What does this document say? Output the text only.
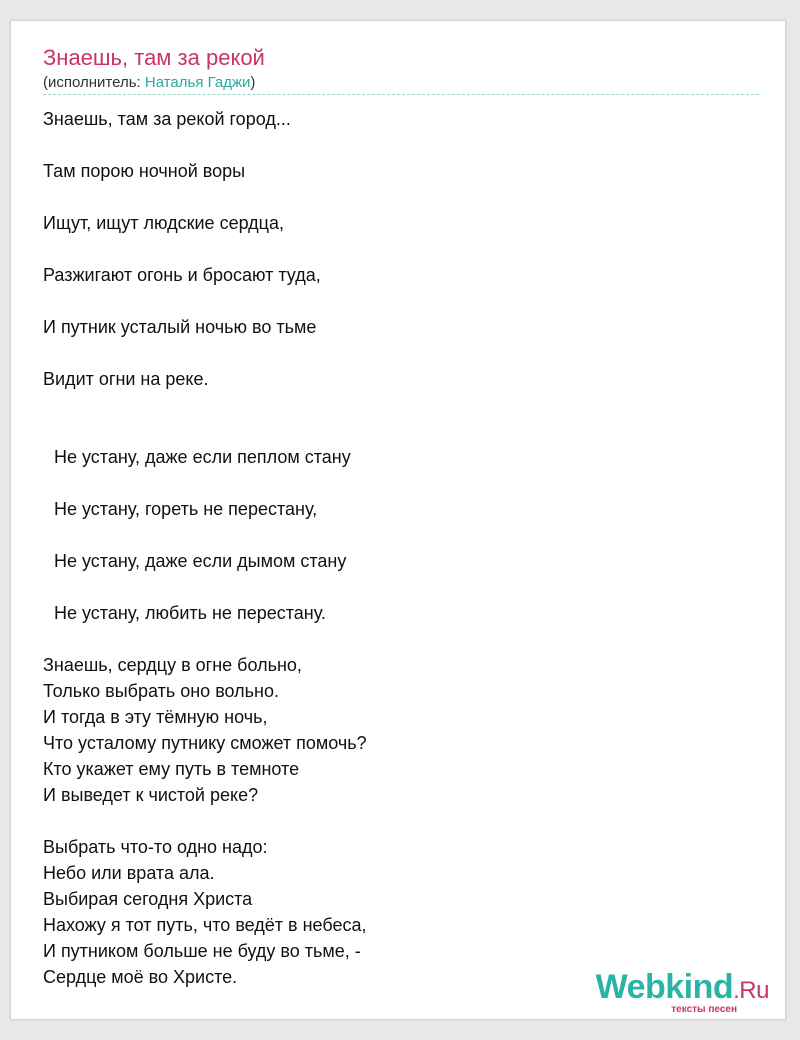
Знаешь, там за рекой
(исполнитель: Наталья Гаджи)
Знаешь, там за рекой город...
Там порою ночной воры
Ищут, ищут людские сердца,
Разжигают огонь и бросают туда,
И путник усталый ночью во тьме
Видит огни на реке.
Не устану, даже если пеплом стану
Не устану, гореть не перестану,
Не устану, даже если дымом стану
Не устану, любить не перестану.
Знаешь, сердцу в огне больно,
Только выбрать оно вольно.
И тогда в эту тёмную ночь,
Что усталому путнику сможет помочь?
Кто укажет ему путь в темноте
И выведет к чистой реке?
Выбрать что-то одно надо:
Небо или врата ала.
Выбирая сегодня Христа
Нахожу я тот путь, что ведёт в небеса,
И путником больше не буду во тьме, -
Сердце моё во Христе.	Webkind.Ru
тексты песен
